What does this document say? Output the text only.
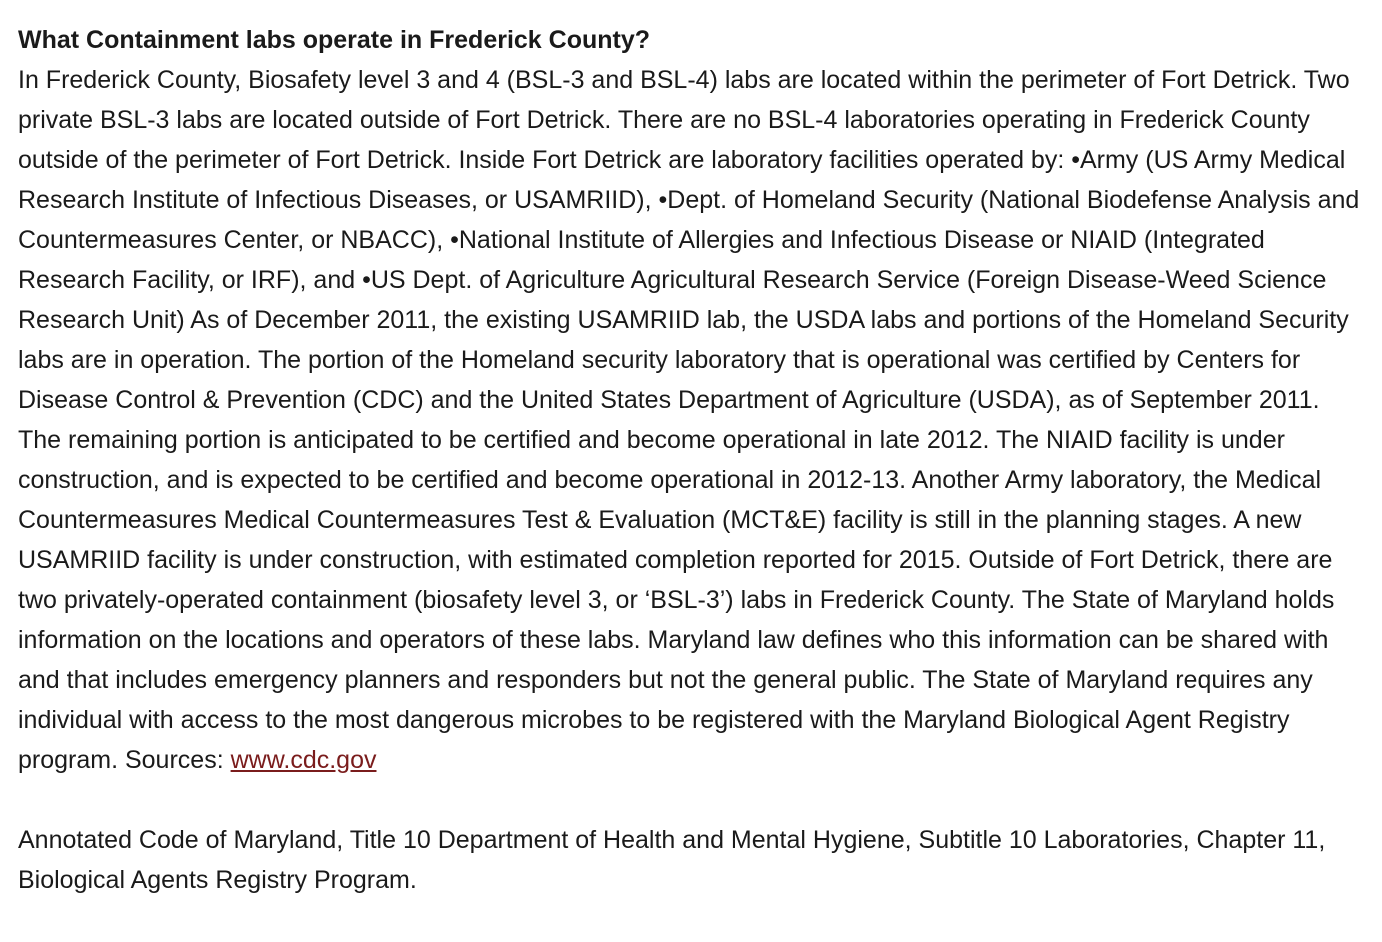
What Containment labs operate in Frederick County?

In Frederick County, Biosafety level 3 and 4 (BSL-3 and BSL-4) labs are located within the perimeter of Fort Detrick. Two private BSL-3 labs are located outside of Fort Detrick. There are no BSL-4 laboratories operating in Frederick County outside of the perimeter of Fort Detrick. Inside Fort Detrick are laboratory facilities operated by: •Army (US Army Medical Research Institute of Infectious Diseases, or USAMRIID), •Dept. of Homeland Security (National Biodefense Analysis and Countermeasures Center, or NBACC), •National Institute of Allergies and Infectious Disease or NIAID (Integrated Research Facility, or IRF), and •US Dept. of Agriculture Agricultural Research Service (Foreign Disease-Weed Science Research Unit) As of December 2011, the existing USAMRIID lab, the USDA labs and portions of the Homeland Security labs are in operation. The portion of the Homeland security laboratory that is operational was certified by Centers for Disease Control & Prevention (CDC) and the United States Department of Agriculture (USDA), as of September 2011. The remaining portion is anticipated to be certified and become operational in late 2012. The NIAID facility is under construction, and is expected to be certified and become operational in 2012-13. Another Army laboratory, the Medical Countermeasures Medical Countermeasures Test & Evaluation (MCT&E) facility is still in the planning stages. A new USAMRIID facility is under construction, with estimated completion reported for 2015. Outside of Fort Detrick, there are two privately-operated containment (biosafety level 3, or ‘BSL-3’) labs in Frederick County. The State of Maryland holds information on the locations and operators of these labs. Maryland law defines who this information can be shared with and that includes emergency planners and responders but not the general public. The State of Maryland requires any individual with access to the most dangerous microbes to be registered with the Maryland Biological Agent Registry program. Sources: www.cdc.gov

Annotated Code of Maryland, Title 10 Department of Health and Mental Hygiene, Subtitle 10 Laboratories, Chapter 11, Biological Agents Registry Program.
